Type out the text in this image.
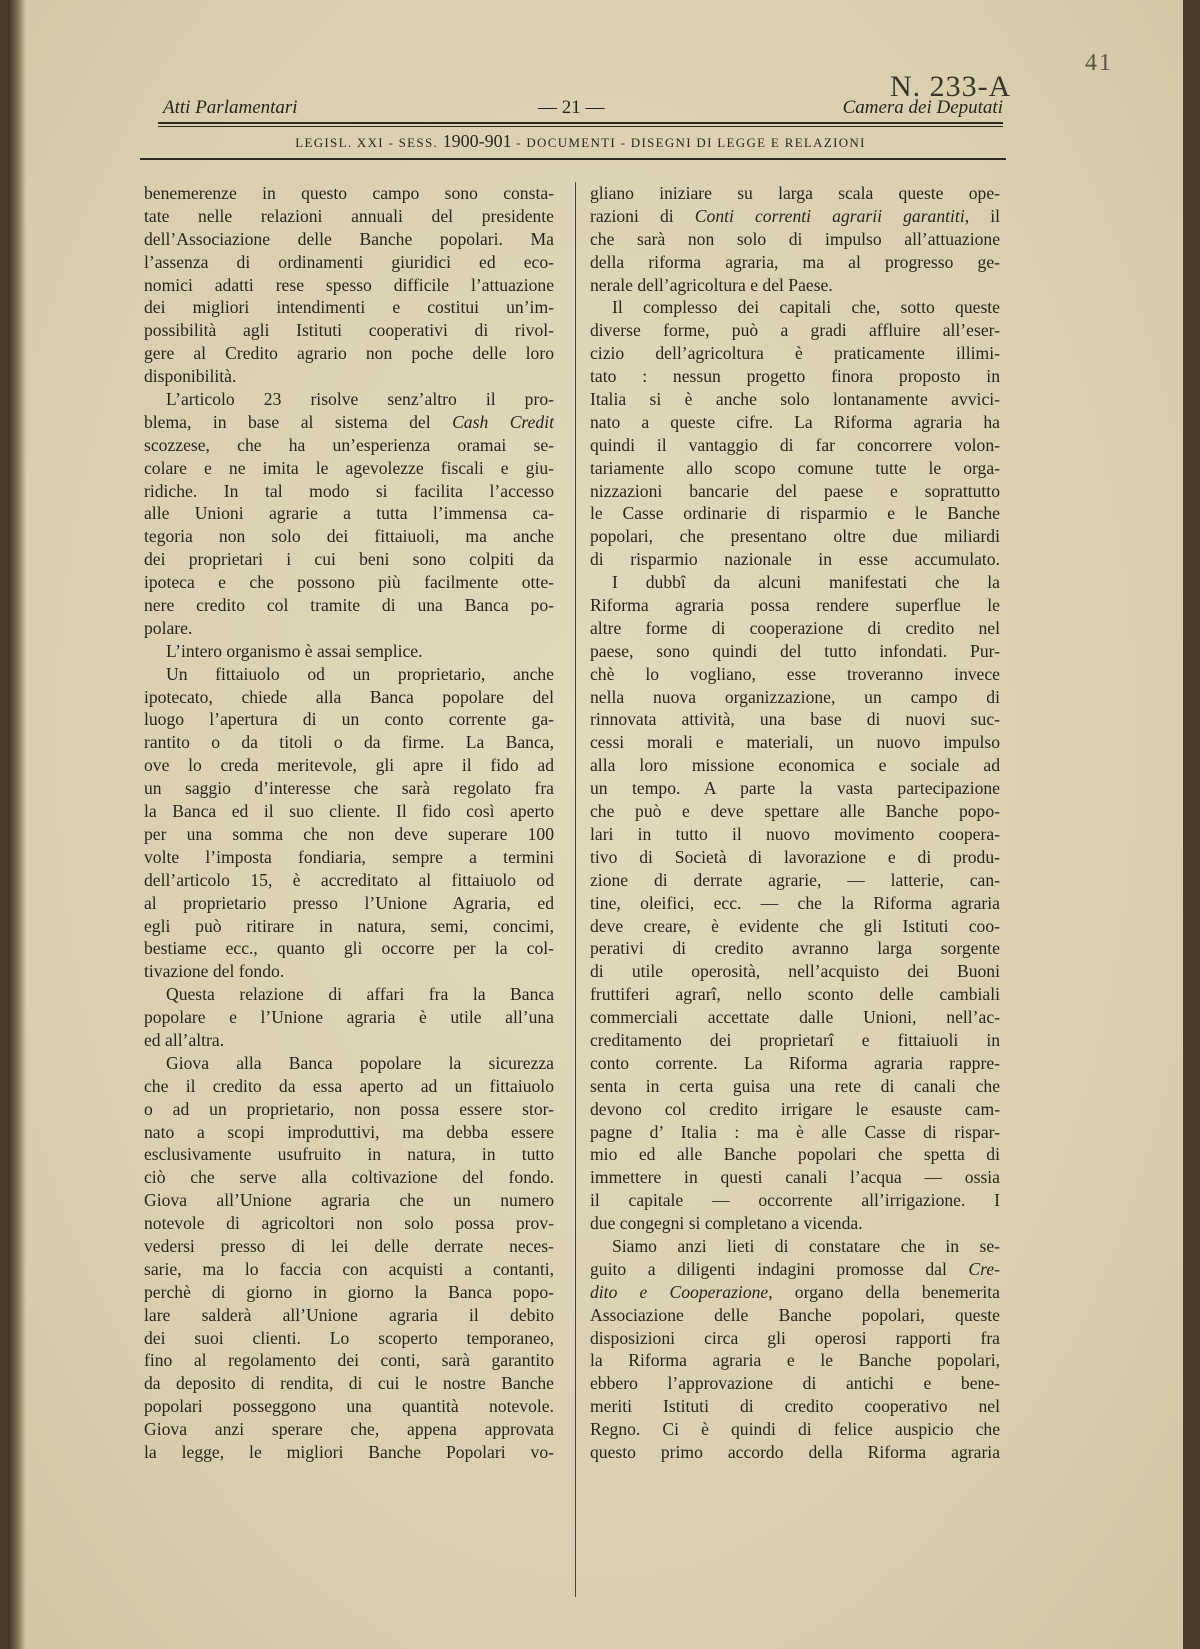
41
N. 233-A
Atti Parlamentari	— 21 —	Camera dei Deputati
LEGISL. XXI - SESS. 1900-901 - DOCUMENTI - DISEGNI DI LEGGE E RELAZIONI
benemerenze in questo campo sono consta-
tate nelle relazioni annuali del presidente
dell’Associazione delle Banche popolari. Ma
l’assenza di ordinamenti giuridici ed eco-
nomici adatti rese spesso difficile l’attuazione
dei migliori intendimenti e costitui un’im-
possibilità agli Istituti cooperativi di rivol-
gere al Credito agrario non poche delle loro
disponibilità.
L’articolo 23 risolve senz’altro il pro-
blema, in base al sistema del Cash Credit
scozzese, che ha un’esperienza oramai se-
colare e ne imita le agevolezze fiscali e giu-
ridiche. In tal modo si facilita l’accesso
alle Unioni agrarie a tutta l’immensa ca-
tegoria non solo dei fittaiuoli, ma anche
dei proprietari i cui beni sono colpiti da
ipoteca e che possono più facilmente otte-
nere credito col tramite di una Banca po-
polare.
L’intero organismo è assai semplice.
Un fittaiuolo od un proprietario, anche
ipotecato, chiede alla Banca popolare del
luogo l’apertura di un conto corrente ga-
rantito o da titoli o da firme. La Banca,
ove lo creda meritevole, gli apre il fido ad
un saggio d’interesse che sarà regolato fra
la Banca ed il suo cliente. Il fido così aperto
per una somma che non deve superare 100
volte l’imposta fondiaria, sempre a termini
dell’articolo 15, è accreditato al fittaiuolo od
al proprietario presso l’Unione Agraria, ed
egli può ritirare in natura, semi, concimi,
bestiame ecc., quanto gli occorre per la col-
tivazione del fondo.
Questa relazione di affari fra la Banca
popolare e l’Unione agraria è utile all’una
ed all’altra.
Giova alla Banca popolare la sicurezza
che il credito da essa aperto ad un fittaiuolo
o ad un proprietario, non possa essere stor-
nato a scopi improduttivi, ma debba essere
esclusivamente usufruito in natura, in tutto
ciò che serve alla coltivazione del fondo.
Giova all’Unione agraria che un numero
notevole di agricoltori non solo possa prov-
vedersi presso di lei delle derrate neces-
sarie, ma lo faccia con acquisti a contanti,
perchè di giorno in giorno la Banca popo-
lare salderà all’Unione agraria il debito
dei suoi clienti. Lo scoperto temporaneo,
fino al regolamento dei conti, sarà garantito
da deposito di rendita, di cui le nostre Banche
popolari posseggono una quantità notevole.
Giova anzi sperare che, appena approvata
la legge, le migliori Banche Popolari vo-
gliano iniziare su larga scala queste ope-
razioni di Conti correnti agrarii garantiti, il
che sarà non solo di impulso all’attuazione
della riforma agraria, ma al progresso ge-
nerale dell’agricoltura e del Paese.
Il complesso dei capitali che, sotto queste
diverse forme, può a gradi affluire all’eser-
cizio dell’agricoltura è praticamente illimi-
tato : nessun progetto finora proposto in
Italia si è anche solo lontanamente avvici-
nato a queste cifre. La Riforma agraria ha
quindi il vantaggio di far concorrere volon-
tariamente allo scopo comune tutte le orga-
nizzazioni bancarie del paese e soprattutto
le Casse ordinarie di risparmio e le Banche
popolari, che presentano oltre due miliardi
di risparmio nazionale in esse accumulato.
I dubbî da alcuni manifestati che la
Riforma agraria possa rendere superflue le
altre forme di cooperazione di credito nel
paese, sono quindi del tutto infondati. Pur-
chè lo vogliano, esse troveranno invece
nella nuova organizzazione, un campo di
rinnovata attività, una base di nuovi suc-
cessi morali e materiali, un nuovo impulso
alla loro missione economica e sociale ad
un tempo. A parte la vasta partecipazione
che può e deve spettare alle Banche popo-
lari in tutto il nuovo movimento coopera-
tivo di Società di lavorazione e di produ-
zione di derrate agrarie, — latterie, can-
tine, oleifici, ecc. — che la Riforma agraria
deve creare, è evidente che gli Istituti coo-
perativi di credito avranno larga sorgente
di utile operosità, nell’acquisto dei Buoni
fruttiferi agrarî, nello sconto delle cambiali
commerciali accettate dalle Unioni, nell’ac-
creditamento dei proprietarî e fittaiuoli in
conto corrente. La Riforma agraria rappre-
senta in certa guisa una rete di canali che
devono col credito irrigare le esauste cam-
pagne d’ Italia : ma è alle Casse di rispar-
mio ed alle Banche popolari che spetta di
immettere in questi canali l’acqua — ossia
il capitale — occorrente all’irrigazione. I
due congegni si completano a vicenda.
Siamo anzi lieti di constatare che in se-
guito a diligenti indagini promosse dal Cre-
dito e Cooperazione, organo della benemerita
Associazione delle Banche popolari, queste
disposizioni circa gli operosi rapporti fra
la Riforma agraria e le Banche popolari,
ebbero l’approvazione di antichi e bene-
meriti Istituti di credito cooperativo nel
Regno. Ci è quindi di felice auspicio che
questo primo accordo della Riforma agraria
